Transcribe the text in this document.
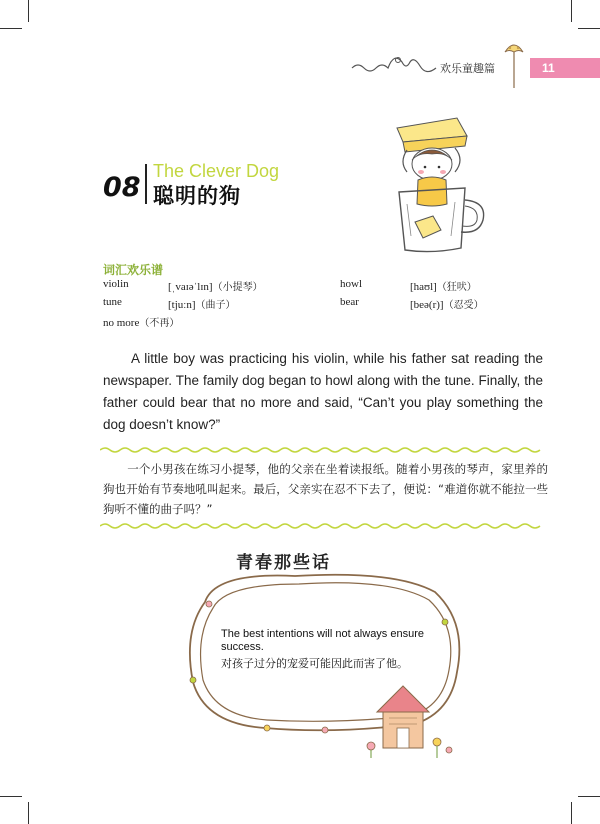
欢乐童趣篇	11
08
The Clever Dog
聪明的狗
词汇欢乐谱
violin	[ˌvaɪəˈlɪn]（小提琴）	howl	[haʊl]（狂吠）
tune	[tjuːn]（曲子）	bear	[beə(r)]（忍受）
no more（不再）
A little boy was practicing his violin, while his father sat reading the newspaper. The family dog began to howl along with the tune. Finally, the father could bear that no more and said, “Can’t you play something the dog doesn’t know?”
一个小男孩在练习小提琴，他的父亲在坐着读报纸。随着小男孩的琴声，家里养的狗也开始有节奏地吼叫起来。最后，父亲实在忍不下去了，便说：“难道你就不能拉一些狗听不懂的曲子吗？”
青春那些话
The best intentions will not always ensure success.
对孩子过分的宠爱可能因此而害了他。
